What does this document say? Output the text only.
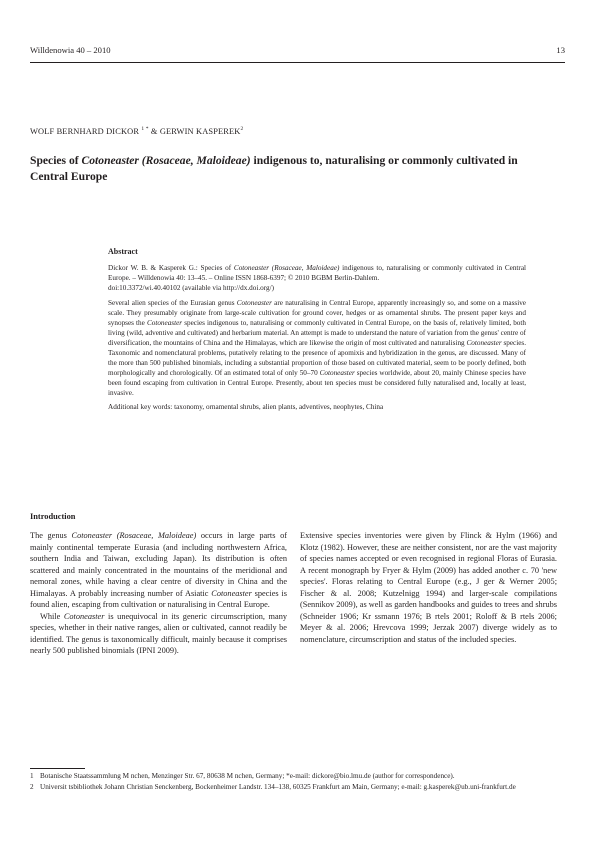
Willdenowia 40 – 2010	13
WOLF BERNHARD DICKOR $^{1 *}$ & GERWIN KASPEREK$^2$
Species of Cotoneaster (Rosaceae, Maloideae) indigenous to, naturalising or commonly cultivated in Central Europe
Abstract

Dickor W. B. & Kasperek G.: Species of Cotoneaster (Rosaceae, Maloideae) indigenous to, naturalising or commonly cultivated in Central Europe. – Willdenowia 40: 13–45. – Online ISSN 1868-6397; © 2010 BGBM Berlin-Dahlem.
doi:10.3372/wi.40.40102 (available via http://dx.doi.org/)

Several alien species of the Eurasian genus Cotoneaster are naturalising in Central Europe, apparently increasingly so, and some on a massive scale. They presumably originate from large-scale cultivation for ground cover, hedges or as ornamental shrubs. The present paper keys and synopses the Cotoneaster species indigenous to, naturalising or commonly cultivated in Central Europe, on the basis of, relatively limited, both living (wild, adventive and cultivated) and herbarium material. An attempt is made to understand the nature of variation from the genus' centre of diversification, the mountains of China and the Himalayas, which are likewise the origin of most cultivated and naturalising Cotoneaster species. Taxonomic and nomenclatural problems, putatively relating to the presence of apomixis and hybridization in the genus, are discussed. Many of the more than 500 published binomials, including a substantial proportion of those based on cultivated material, seem to be poorly defined, both morphologically and chorologically. Of an estimated total of only 50–70 Cotoneaster species worldwide, about 20, mainly Chinese species have been found escaping from cultivation in Central Europe. Presently, about ten species must be considered fully naturalised and, locally at least, invasive.

Additional key words: taxonomy, ornamental shrubs, alien plants, adventives, neophytes, China

Introduction

The genus Cotoneaster (Rosaceae, Maloideae) occurs in large parts of mainly continental temperate Eurasia (and including northwestern Africa, southern India and Taiwan, excluding Japan). Its distribution is often scattered and mainly concentrated in the mountains of the meridional and nemoral zones, while having a clear centre of diversity in China and the Himalayas. A probably increasing number of Asiatic Cotoneaster species is found alien, escaping from cultivation or naturalising in Central Europe.

While Cotoneaster is unequivocal in its generic circumscription, many species, whether in their native ranges, alien or cultivated, cannot readily be identified. The genus is taxonomically difficult, mainly because it comprises nearly 500 published binomials (IPNI 2009).

Extensive species inventories were given by Flinck & Hylm (1966) and Klotz (1982). However, these are neither consistent, nor are the vast majority of species names accepted or even recognised in regional Floras of Eurasia. A recent monograph by Fryer & Hylm (2009) has added another c. 70 'new species'. Floras relating to Central Europe (e.g., J ger & Werner 2005; Fischer & al. 2008; Kutzelnigg 1994) and larger-scale compilations (Sennikov 2009), as well as garden handbooks and guides to trees and shrubs (Schneider 1906; Kr ssmann 1976; B rtels 2001; Roloff & B rtels 2006; Meyer & al. 2006; Hrevcova 1999; Jerzak 2007) diverge widely as to nomenclature, circumscription and status of the included species.

1 Botanische Staatssammlung M nchen, Menzinger Str. 67, 80638 M nchen, Germany; *e-mail: dickore@bio.lmu.de (author for correspondence).
2 Universit tsbibliothek Johann Christian Senckenberg, Bockenheimer Landstr. 134–138, 60325 Frankfurt am Main, Germany; e-mail: g.kasperek@ub.uni-frankfurt.de
